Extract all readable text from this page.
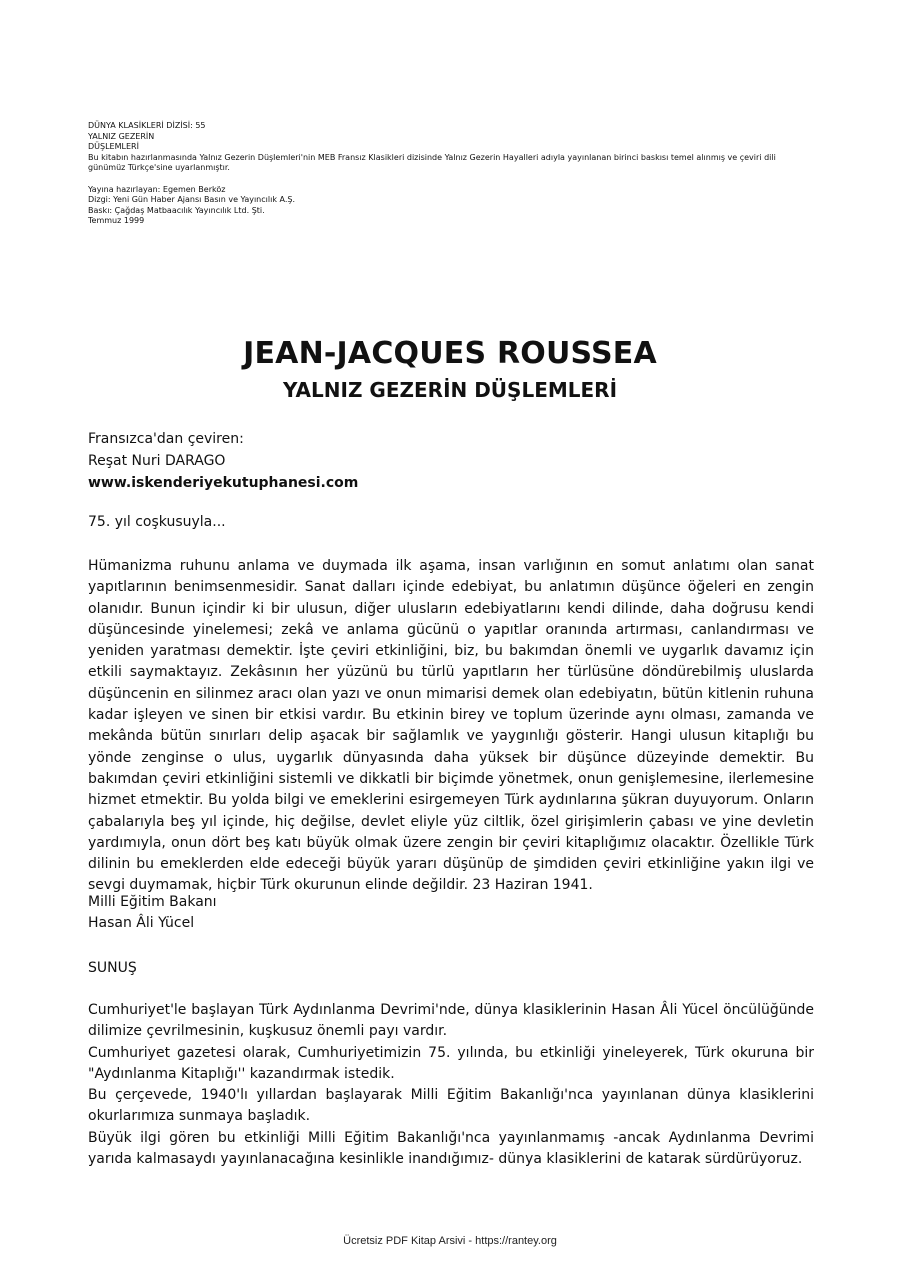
DÜNYA KLASİKLERİ DİZİSİ: 55
YALNIZ GEZERİN
DÜŞLEMLERİ
Bu kitabın hazırlanmasında Yalnız Gezerin Düşlemleri'nin MEB Fransız Klasikleri dizisinde Yalnız Gezerin Hayalleri adıyla yayınlanan birinci baskısı temel alınmış ve çeviri dili günümüz Türkçe'sine uyarlanmıştır.
Yayına hazırlayan: Egemen Berköz
Dizgi: Yeni Gün Haber Ajansı Basın ve Yayıncılık A.Ş.
Baskı: Çağdaş Matbaacılık Yayıncılık Ltd. Şti.
Temmuz 1999
JEAN-JACQUES ROUSSEA
YALNIZ GEZERİN DÜŞLEMLERİ
Fransızca'dan çeviren:
Reşat Nuri DARAGO
www.iskenderiyekutuphanesi.com
75. yıl coşkusuyla...

Hümanizma ruhunu anlama ve duymada ilk aşama, insan varlığının en somut anlatımı olan sanat yapıtlarının benimsenmesidir. Sanat dalları içinde edebiyat, bu anlatımın düşünce öğeleri en zengin olanıdır. Bunun içindir ki bir ulusun, diğer ulusların edebiyatlarını kendi dilinde, daha doğrusu kendi düşüncesinde yinelemesi; zekâ ve anlama gücünü o yapıtlar oranında artırması, canlandırması ve yeniden yaratması demektir. İşte çeviri etkinliğini, biz, bu bakımdan önemli ve uygarlık davamız için etkili saymaktayız. Zekâsının her yüzünü bu türlü yapıtların her türlüsüne döndürebilmiş uluslarda düşüncenin en silinmez aracı olan yazı ve onun mimarisi demek olan edebiyatın, bütün kitlenin ruhuna kadar işleyen ve sinen bir etkisi vardır. Bu etkinin birey ve toplum üzerinde aynı olması, zamanda ve mekânda bütün sınırları delip aşacak bir sağlamlık ve yaygınlığı gösterir. Hangi ulusun kitaplığı bu yönde zenginse o ulus, uygarlık dünyasında daha yüksek bir düşünce düzeyinde demektir. Bu bakımdan çeviri etkinliğini sistemli ve dikkatli bir biçimde yönetmek, onun genişlemesine, ilerlemesine hizmet etmektir. Bu yolda bilgi ve emeklerini esirgemeyen Türk aydınlarına şükran duyuyorum. Onların çabalarıyla beş yıl içinde, hiç değilse, devlet eliyle yüz ciltlik, özel girişimlerin çabası ve yine devletin yardımıyla, onun dört beş katı büyük olmak üzere zengin bir çeviri kitaplığımız olacaktır. Özellikle Türk dilinin bu emeklerden elde edeceği büyük yararı düşünüp de şimdiden çeviri etkinliğine yakın ilgi ve sevgi duymamak, hiçbir Türk okurunun elinde değildir. 23 Haziran 1941.

Milli Eğitim Bakanı
Hasan Âli Yücel
SUNUŞ

Cumhuriyet'le başlayan Türk Aydınlanma Devrimi'nde, dünya klasiklerinin Hasan Âli Yücel öncülüğünde dilimize çevrilmesinin, kuşkusuz önemli payı vardır.

Cumhuriyet gazetesi olarak, Cumhuriyetimizin 75. yılında, bu etkinliği yineleyerek, Türk okuruna bir "Aydınlanma Kitaplığı'' kazandırmak istedik.

Bu çerçevede, 1940'lı yıllardan başlayarak Milli Eğitim Bakanlığı'nca yayınlanan dünya klasiklerini okurlarımıza sunmaya başladık.

Büyük ilgi gören bu etkinliği Milli Eğitim Bakanlığı'nca yayınlanmamış -ancak Aydınlanma Devrimi yarıda kalmasaydı yayınlanacağına kesinlikle inandığımız- dünya klasiklerini de katarak sürdürüyoruz.

Ücretsiz PDF Kitap Arsivi - https://rantey.org
